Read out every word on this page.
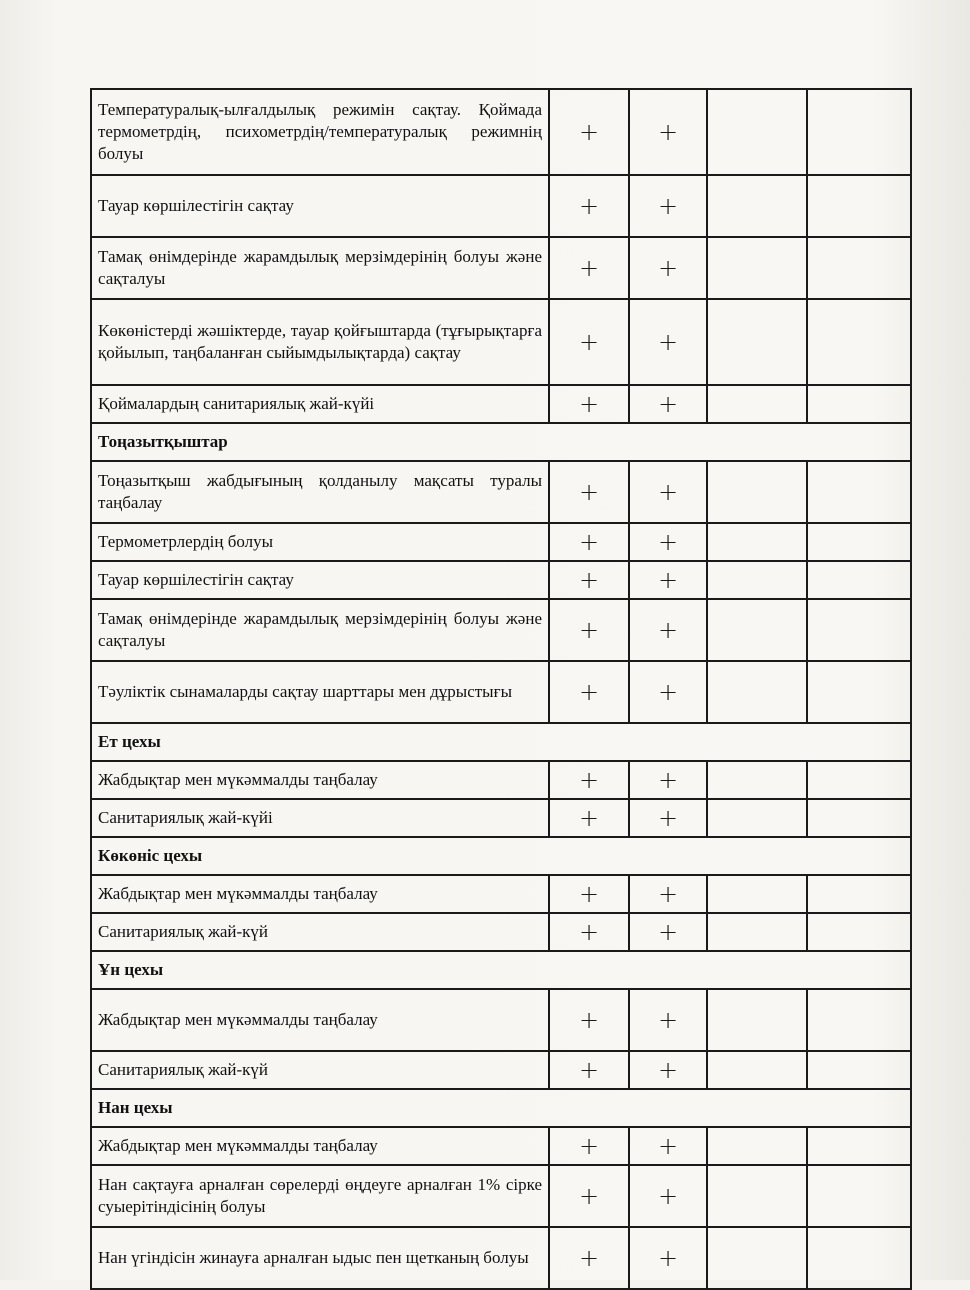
Температуралық-ылғалдылық режимін сақтау. Қоймада термометрдің, психометрдің/температуралық режимнің болуы	+	+		
Тауар көршілестігін сақтау	+	+		
Тамақ өнімдерінде жарамдылық мерзімдерінің болуы және сақталуы	+	+		
Көкөністерді жәшіктерде, тауар қойғыштарда (тұғырықтарға қойылып, таңбаланған сыйымдылықтарда) сақтау	+	+		
Қоймалардың санитариялық жай-күйі	+	+		
Тоңазытқыштар				
Тоңазытқыш жабдығының қолданылу мақсаты туралы таңбалау	+	+		
Термометрлердің болуы	+	+		
Тауар көршілестігін сақтау	+	+		
Тамақ өнімдерінде жарамдылық мерзімдерінің болуы және сақталуы	+	+		
Тәуліктік сынамаларды сақтау шарттары мен дұрыстығы	+	+		
Ет цехы				
Жабдықтар мен мүкәммалды таңбалау	+	+		
Санитариялық жай-күйі	+	+		
Көкөніс цехы				
Жабдықтар мен мүкәммалды таңбалау	+	+		
Санитариялық жай-күй	+	+		
Ұн цехы				
Жабдықтар мен мүкәммалды таңбалау	+	+		
Санитариялық жай-күй	+	+		
Нан цехы				
Жабдықтар мен мүкәммалды таңбалау	+	+		
Нан сақтауға арналған сөрелерді өңдеуге арналған 1% сірке суыерітіндісінің болуы	+	+		
Нан үгіндісін жинауға арналған ыдыс пен щетканың болуы	+	+		
